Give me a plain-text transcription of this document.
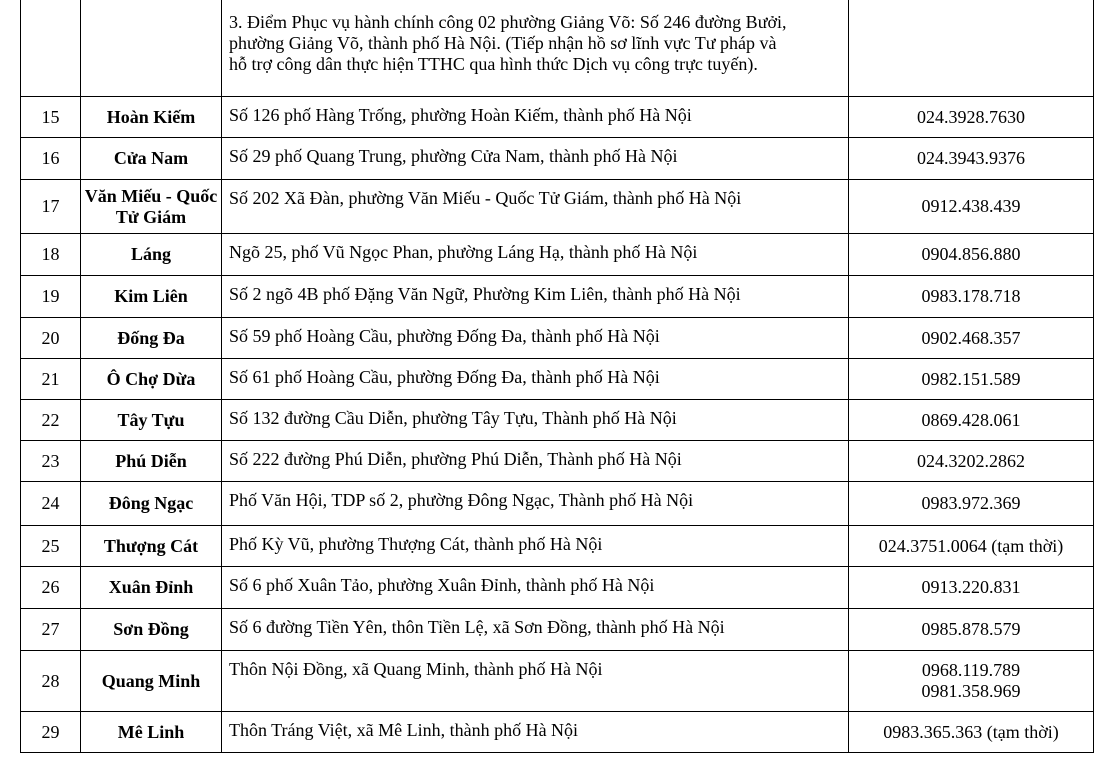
		3. Điểm Phục vụ hành chính công 02 phường Giảng Võ: Số 246 đường Bưởi,
phường Giảng Võ, thành phố Hà Nội. (Tiếp nhận hồ sơ lĩnh vực Tư pháp và
hỗ trợ công dân thực hiện TTHC qua hình thức Dịch vụ công trực tuyến).	

15	Hoàn Kiếm	Số 126 phố Hàng Trống, phường Hoàn Kiếm, thành phố Hà Nội	024.3928.7630

16	Cửa Nam	Số 29 phố Quang Trung, phường Cửa Nam, thành phố Hà Nội	024.3943.9376

17	Văn Miếu - Quốc Tử Giám	Số 202 Xã Đàn, phường Văn Miếu - Quốc Tử Giám, thành phố Hà Nội	0912.438.439

18	Láng	Ngõ 25, phố Vũ Ngọc Phan, phường Láng Hạ, thành phố Hà Nội	0904.856.880

19	Kim Liên	Số 2 ngõ 4B phố Đặng Văn Ngữ, Phường Kim Liên, thành phố Hà Nội	0983.178.718

20	Đống Đa	Số 59 phố Hoàng Cầu, phường Đống Đa, thành phố Hà Nội	0902.468.357

21	Ô Chợ Dừa	Số 61 phố Hoàng Cầu, phường Đống Đa, thành phố Hà Nội	0982.151.589

22	Tây Tựu	Số 132 đường Cầu Diễn, phường Tây Tựu, Thành phố Hà Nội	0869.428.061

23	Phú Diễn	Số 222 đường Phú Diễn, phường Phú Diễn, Thành phố Hà Nội	024.3202.2862

24	Đông Ngạc	Phố Văn Hội, TDP số 2, phường Đông Ngạc, Thành phố Hà Nội	0983.972.369

25	Thượng Cát	Phố Kỳ Vũ, phường Thượng Cát, thành phố Hà Nội	024.3751.0064 (tạm thời)

26	Xuân Đỉnh	Số 6 phố Xuân Tảo, phường Xuân Đỉnh, thành phố Hà Nội	0913.220.831

27	Sơn Đồng	Số 6 đường Tiền Yên, thôn Tiền Lệ, xã Sơn Đồng, thành phố Hà Nội	0985.878.579

28	Quang Minh	Thôn Nội Đồng, xã Quang Minh, thành phố Hà Nội	0968.119.789
0981.358.969

29	Mê Linh	Thôn Tráng Việt, xã Mê Linh, thành phố Hà Nội	0983.365.363 (tạm thời)
